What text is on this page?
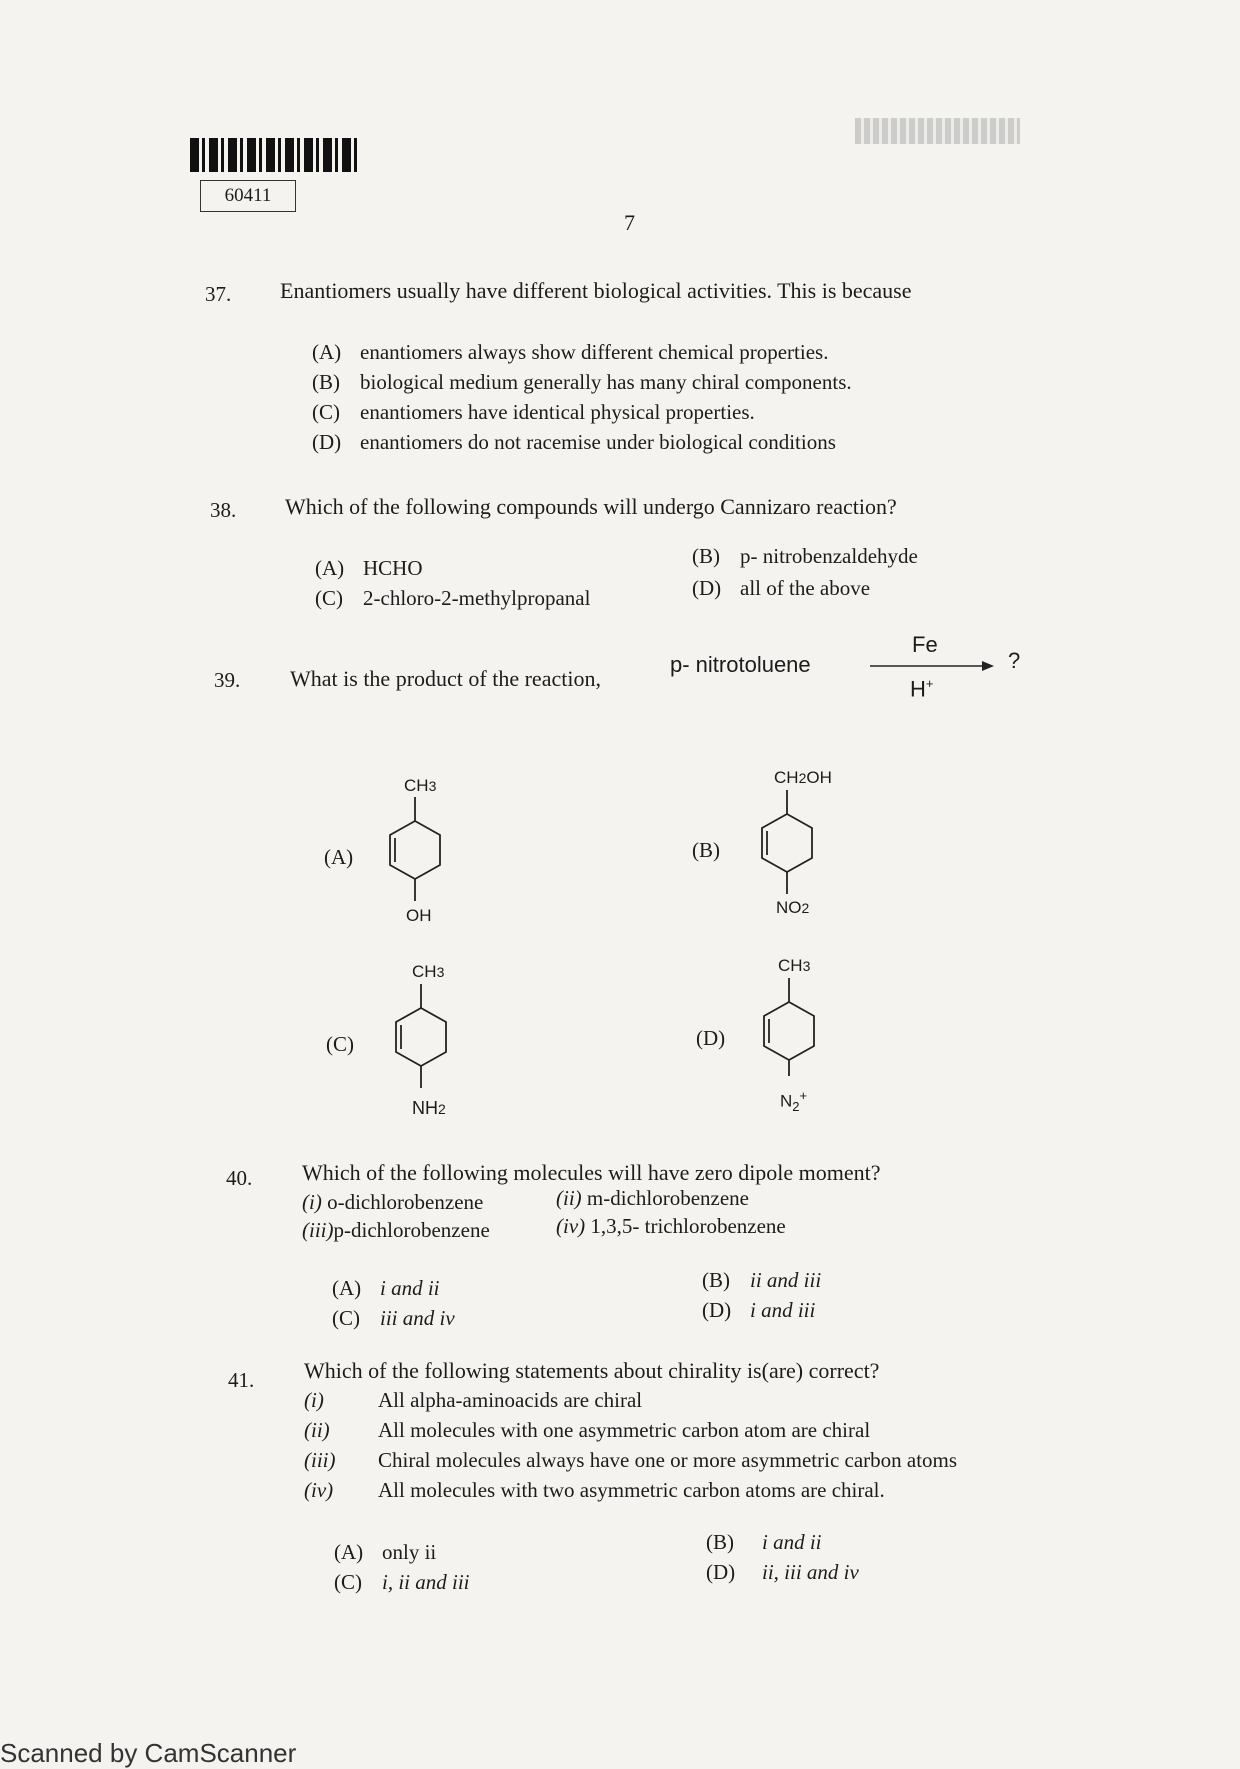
60411
7
37. Enantiomers usually have different biological activities. This is because
(A) enantiomers always show different chemical properties.
(B) biological medium generally has many chiral components.
(C) enantiomers have identical physical properties.
(D) enantiomers do not racemise under biological conditions
38. Which of the following compounds will undergo Cannizaro reaction?
(A) HCHO	(B) p- nitrobenzaldehyde
(C) 2-chloro-2-methylpropanal	(D) all of the above
39. What is the product of the reaction,
p- nitrotoluene
Fe
H+
?
(A)
CH3
OH
(B)
CH2OH
NO2
(C)
CH3
NH2
(D)
CH3
$N_2^+$
40. Which of the following molecules will have zero dipole moment?
(i) o-dichlorobenzene	(ii) m-dichlorobenzene
(iii)p-dichlorobenzene	(iv) 1,3,5- trichlorobenzene
(A) i and ii	(B) ii and iii
(C) iii and iv	(D) i and iii
41. Which of the following statements about chirality is(are) correct?
(i)	All alpha-aminoacids are chiral
(ii) All molecules with one asymmetric carbon atom are chiral
(iii) Chiral molecules always have one or more asymmetric carbon atoms
(iv) All molecules with two asymmetric carbon atoms are chiral.
(A) only ii	(B) i and ii
(C) i, ii and iii	(D) ii, iii and iv
Scanned by CamScanner
